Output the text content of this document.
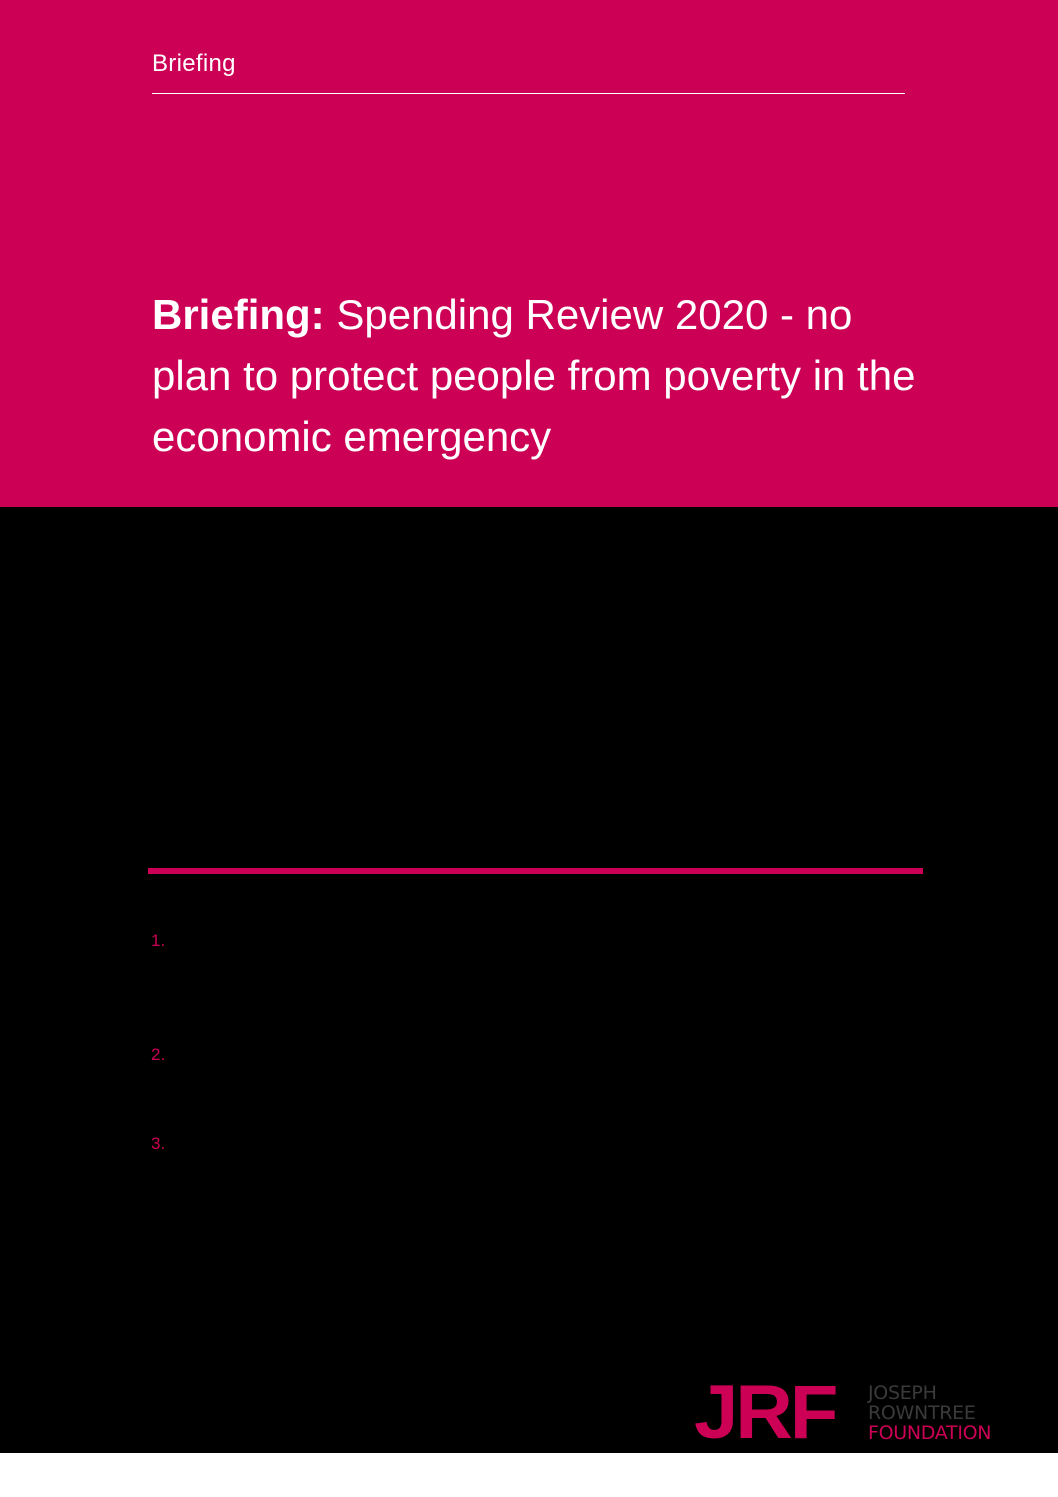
Briefing
Briefing: Spending Review 2020 - no plan to protect people from poverty in the economic emergency
1.
2.
3.
JRF JOSEPH
ROWNTREE
FOUNDATION
